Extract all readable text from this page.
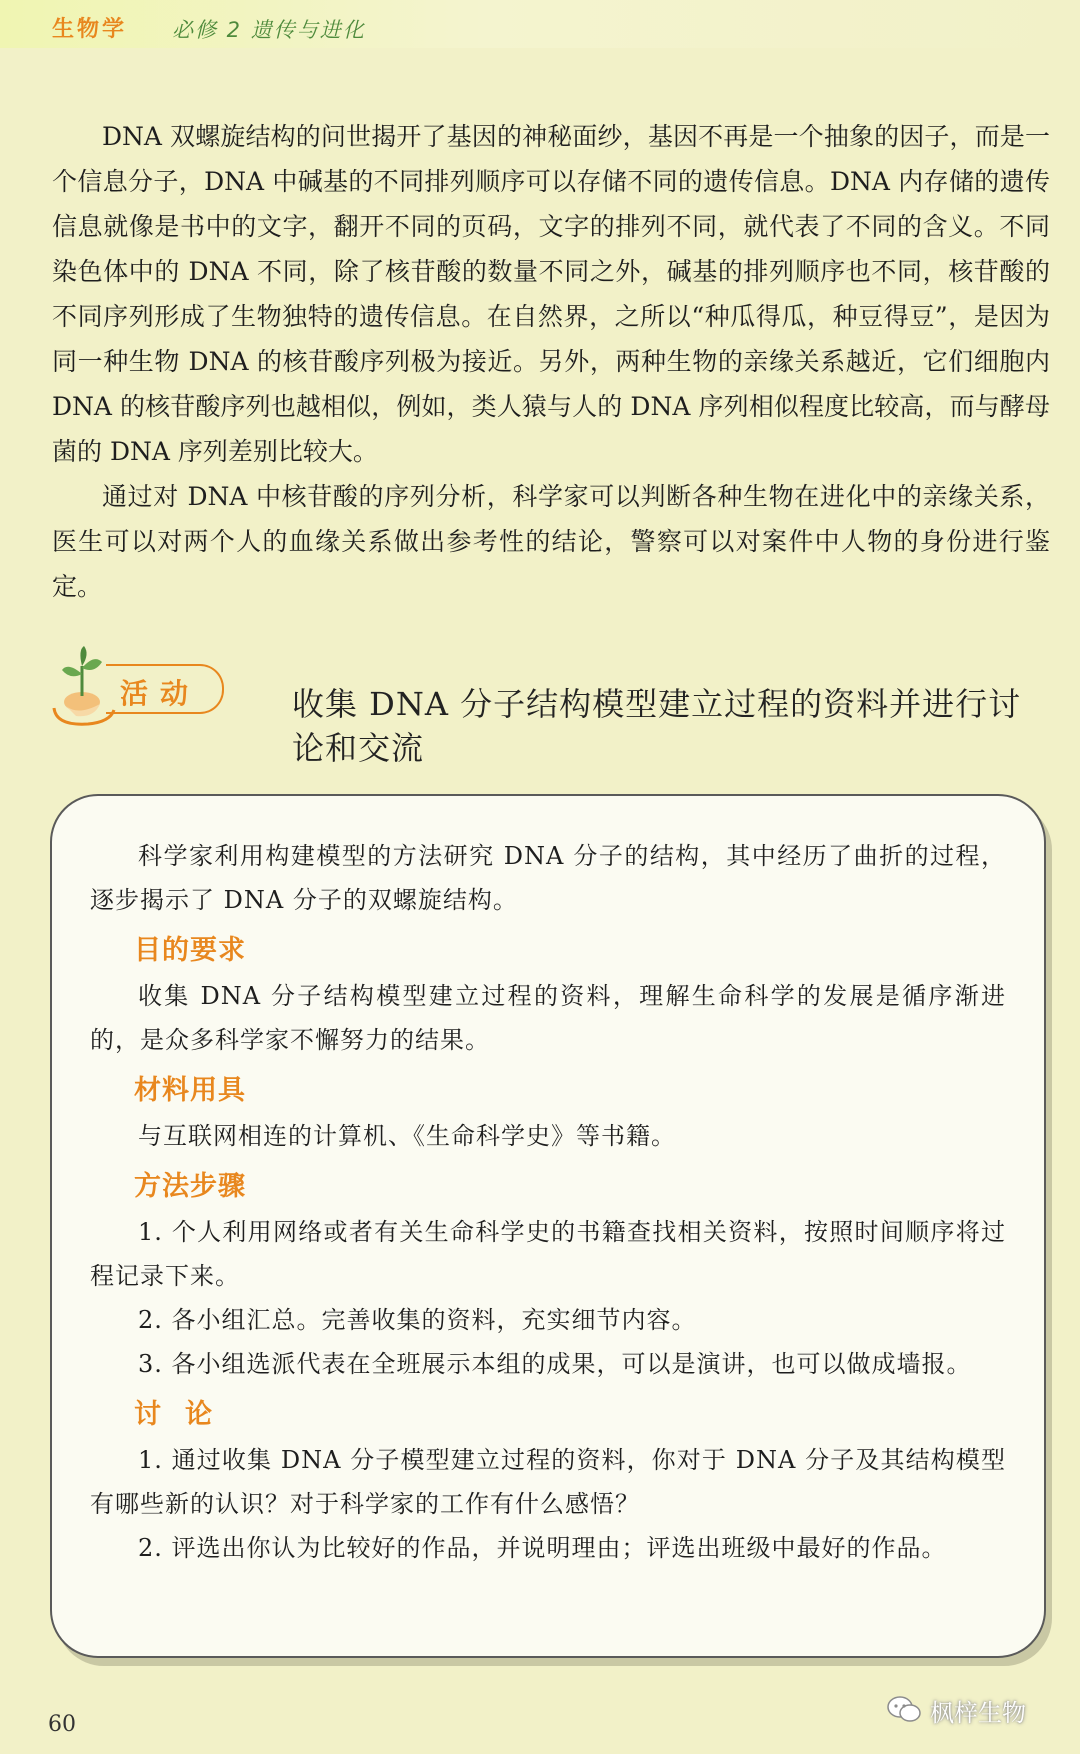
生物学 必修 2 遗传与进化

DNA 双螺旋结构的问世揭开了基因的神秘面纱，基因不再是一个抽象的因子，而是一个信息分子，DNA 中碱基的不同排列顺序可以存储不同的遗传信息。DNA 内存储的遗传信息就像是书中的文字，翻开不同的页码，文字的排列不同，就代表了不同的含义。不同染色体中的 DNA 不同，除了核苷酸的数量不同之外，碱基的排列顺序也不同，核苷酸的不同序列形成了生物独特的遗传信息。在自然界，之所以“种瓜得瓜，种豆得豆”，是因为同一种生物 DNA 的核苷酸序列极为接近。另外，两种生物的亲缘关系越近，它们细胞内 DNA 的核苷酸序列也越相似，例如，类人猿与人的 DNA 序列相似程度比较高，而与酵母菌的 DNA 序列差别比较大。

通过对 DNA 中核苷酸的序列分析，科学家可以判断各种生物在进化中的亲缘关系，医生可以对两个人的血缘关系做出参考性的结论，警察可以对案件中人物的身份进行鉴定。

活动	收集 DNA 分子结构模型建立过程的资料并进行讨论和交流

科学家利用构建模型的方法研究 DNA 分子的结构，其中经历了曲折的过程，逐步揭示了 DNA 分子的双螺旋结构。

目的要求

收集 DNA 分子结构模型建立过程的资料，理解生命科学的发展是循序渐进的，是众多科学家不懈努力的结果。

材料用具

与互联网相连的计算机、《生命科学史》等书籍。

方法步骤

1. 个人利用网络或者有关生命科学史的书籍查找相关资料，按照时间顺序将过程记录下来。

2. 各小组汇总。完善收集的资料，充实细节内容。

3. 各小组选派代表在全班展示本组的成果，可以是演讲，也可以做成墙报。

讨论

1. 通过收集 DNA 分子模型建立过程的资料，你对于 DNA 分子及其结构模型有哪些新的认识？对于科学家的工作有什么感悟？

2. 评选出你认为比较好的作品，并说明理由；评选出班级中最好的作品。

60	枫梓生物
